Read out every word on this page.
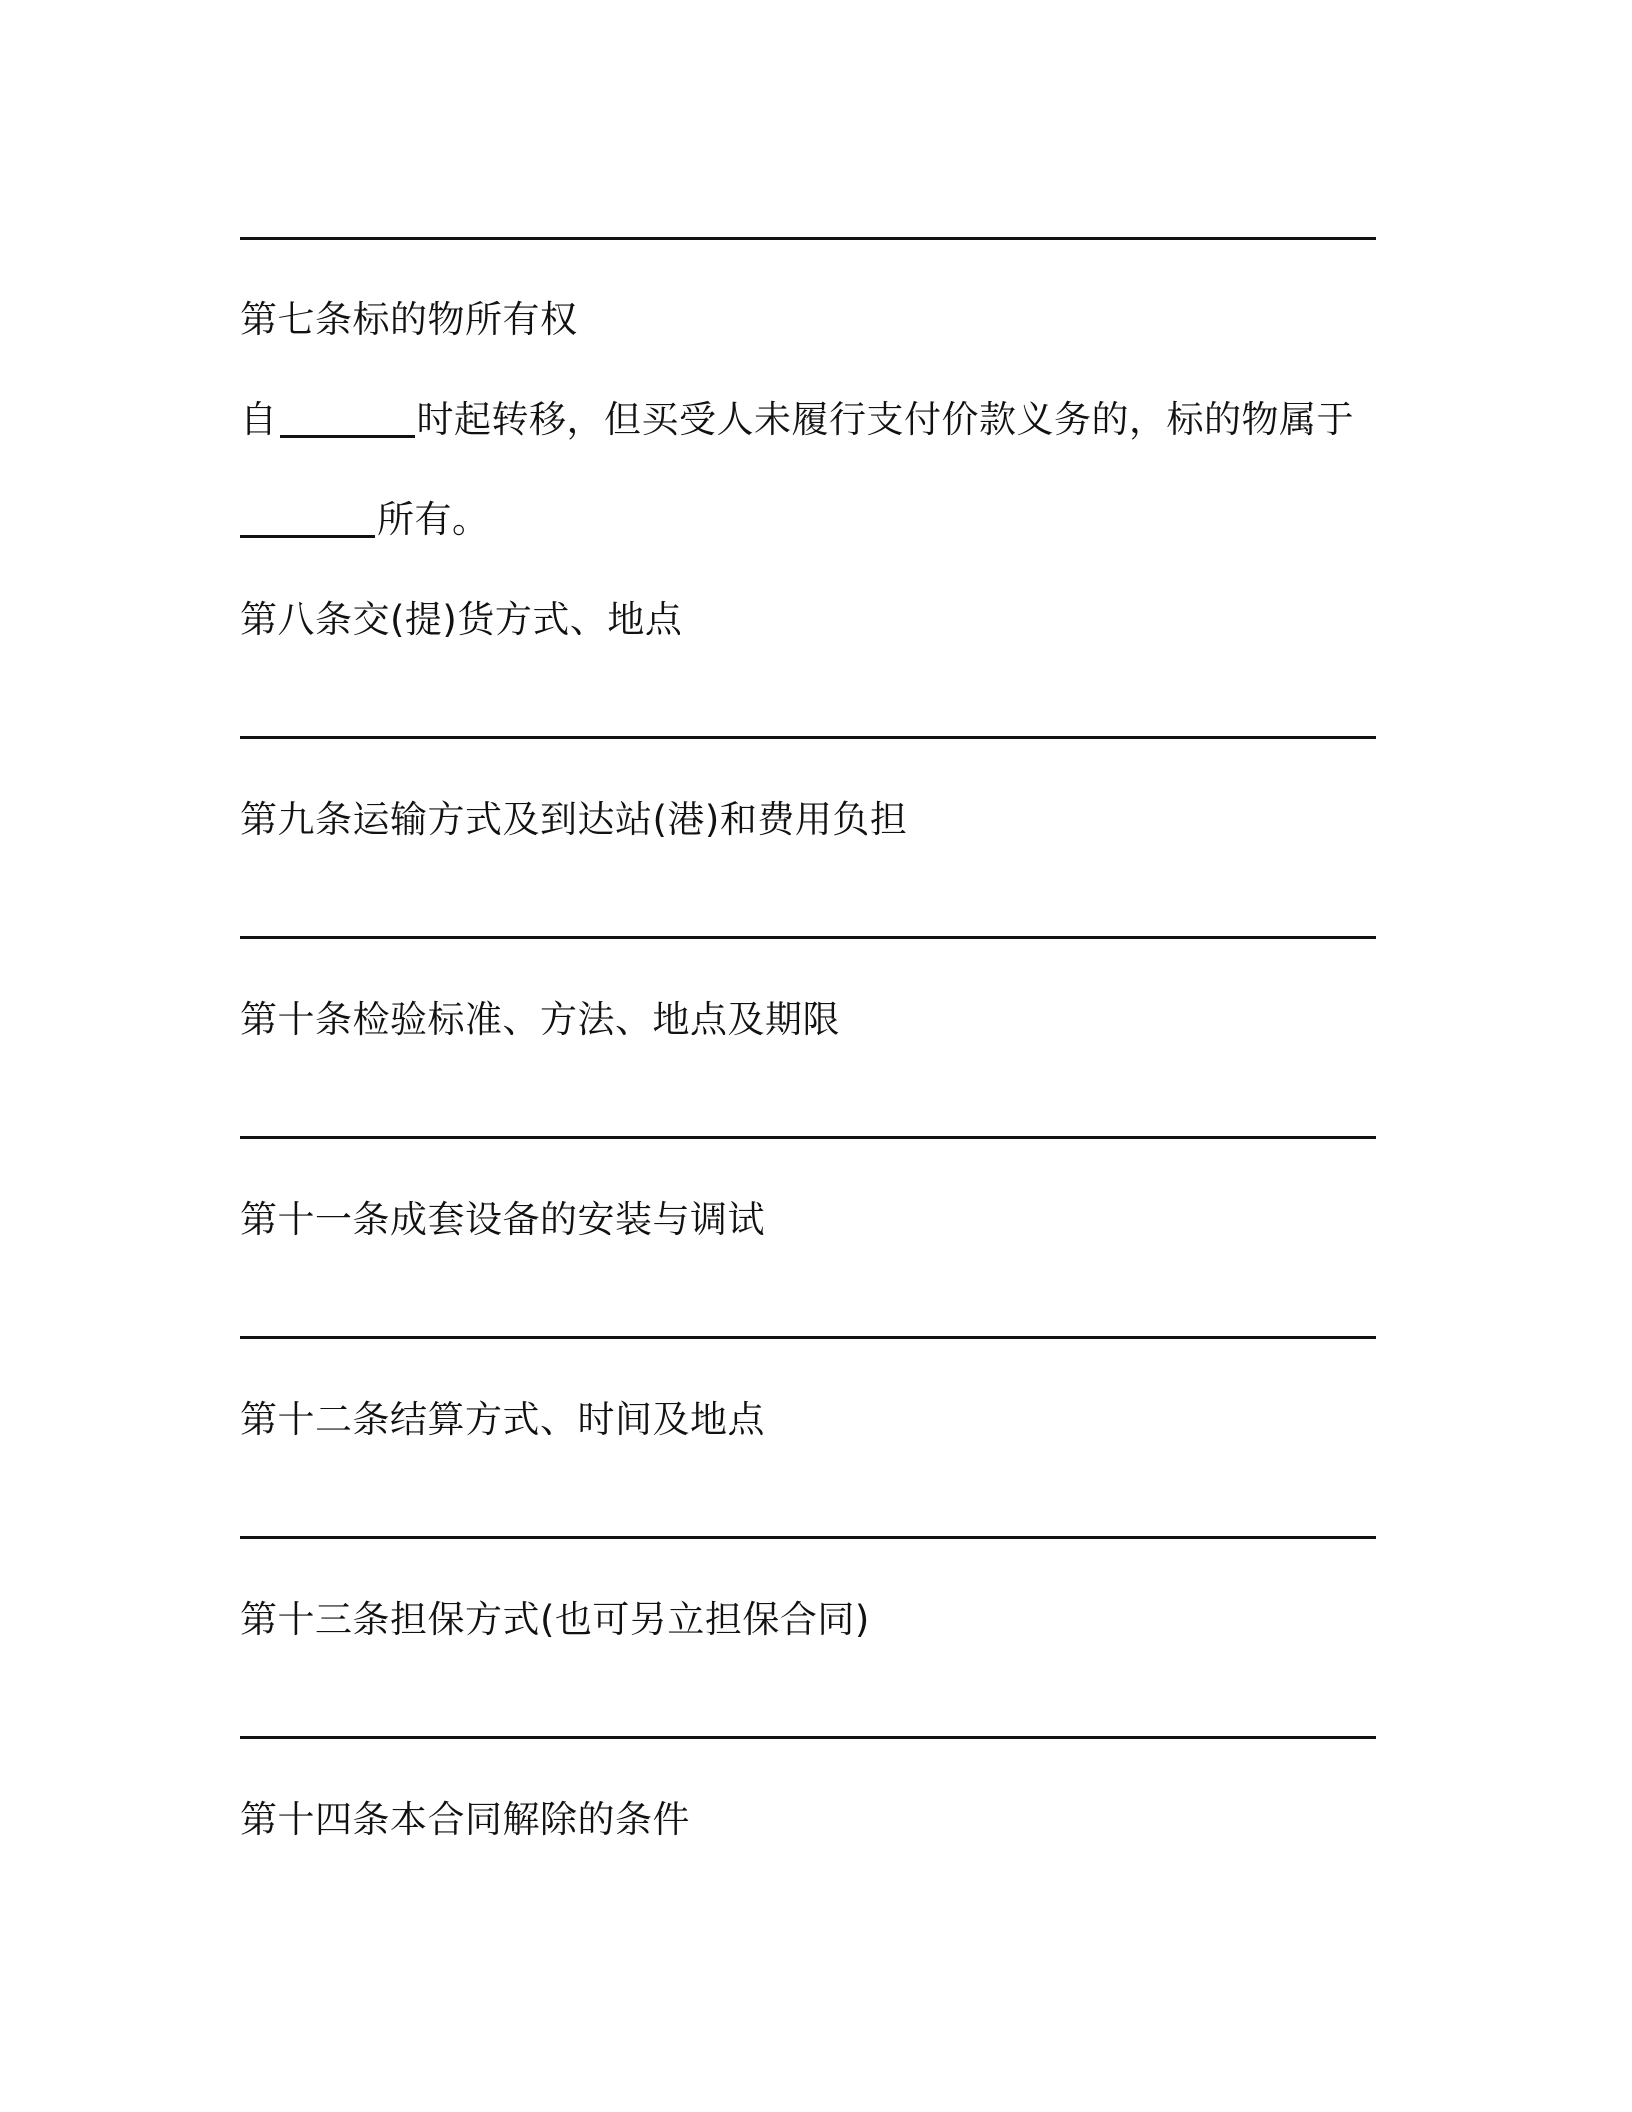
第七条标的物所有权
自	时起转移，但买受人未履行支付价款义务的，标的物属于
所有。
第八条交(提)货方式、地点
第九条运输方式及到达站(港)和费用负担
第十条检验标准、方法、地点及期限
第十一条成套设备的安装与调试
第十二条结算方式、时间及地点
第十三条担保方式(也可另立担保合同)
第十四条本合同解除的条件
